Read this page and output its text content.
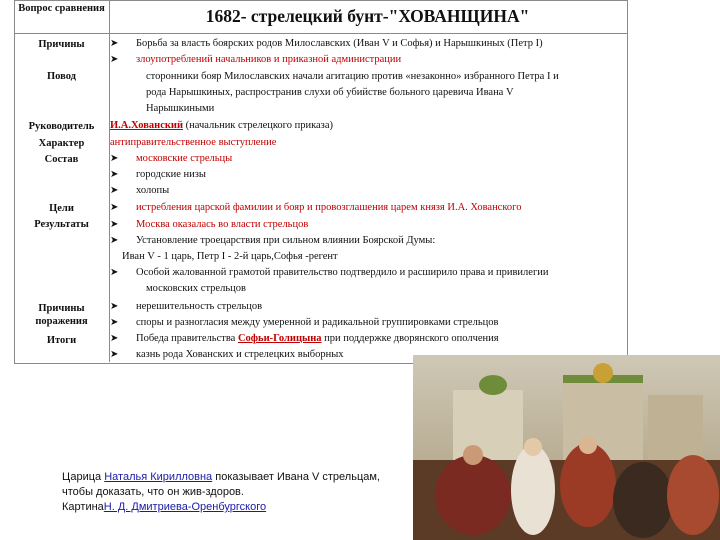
Вопрос сравнения	1682- стрелецкий бунт-"ХОВАНЩИНА"
Причины
Повод
Руководитель
Характер
Состав
Цели
Результаты
Причины поражения
Итоги
➤ Борьба за власть боярских родов Милославских (Иван V и Софья) и Нарышкиных (Петр I)
➤ злоупотреблений начальников и приказной администрации
сторонники бояр Милославских начали агитацию против «незаконно» избранного Петра I и
рода Нарышкиных, распространив слухи об убийстве больного царевича Ивана V
Нарышкиными
И.А.Хованский (начальник стрелецкого приказа)
антиправительственное выступление
➤ московские стрельцы
➤ городские низы
➤ холопы
➤ истребления царской фамилии и бояр и провозглашения царем князя И.А. Хованского
➤ Москва оказалась во власти стрельцов
➤ Установление троецарствия при сильном влиянии Боярской Думы:
Иван V - 1 царь, Петр I - 2-й царь,Софья -регент
➤ Особой жалованной грамотой правительство подтвердило и расширило права и привилегии
московских стрельцов
➤ нерешительность стрельцов
➤ споры и разногласия между умеренной и радикальной группировками стрельцов
➤ Победа правительства Софьи-Голицына при поддержке дворянского ополчения
➤ казнь рода Хованских и стрелецких выборных
Царица Наталья Кирилловна показывает Ивана V стрельцам,
чтобы доказать, что он жив-здоров.
КартинаН. Д. Дмитриева-Оренбургского
